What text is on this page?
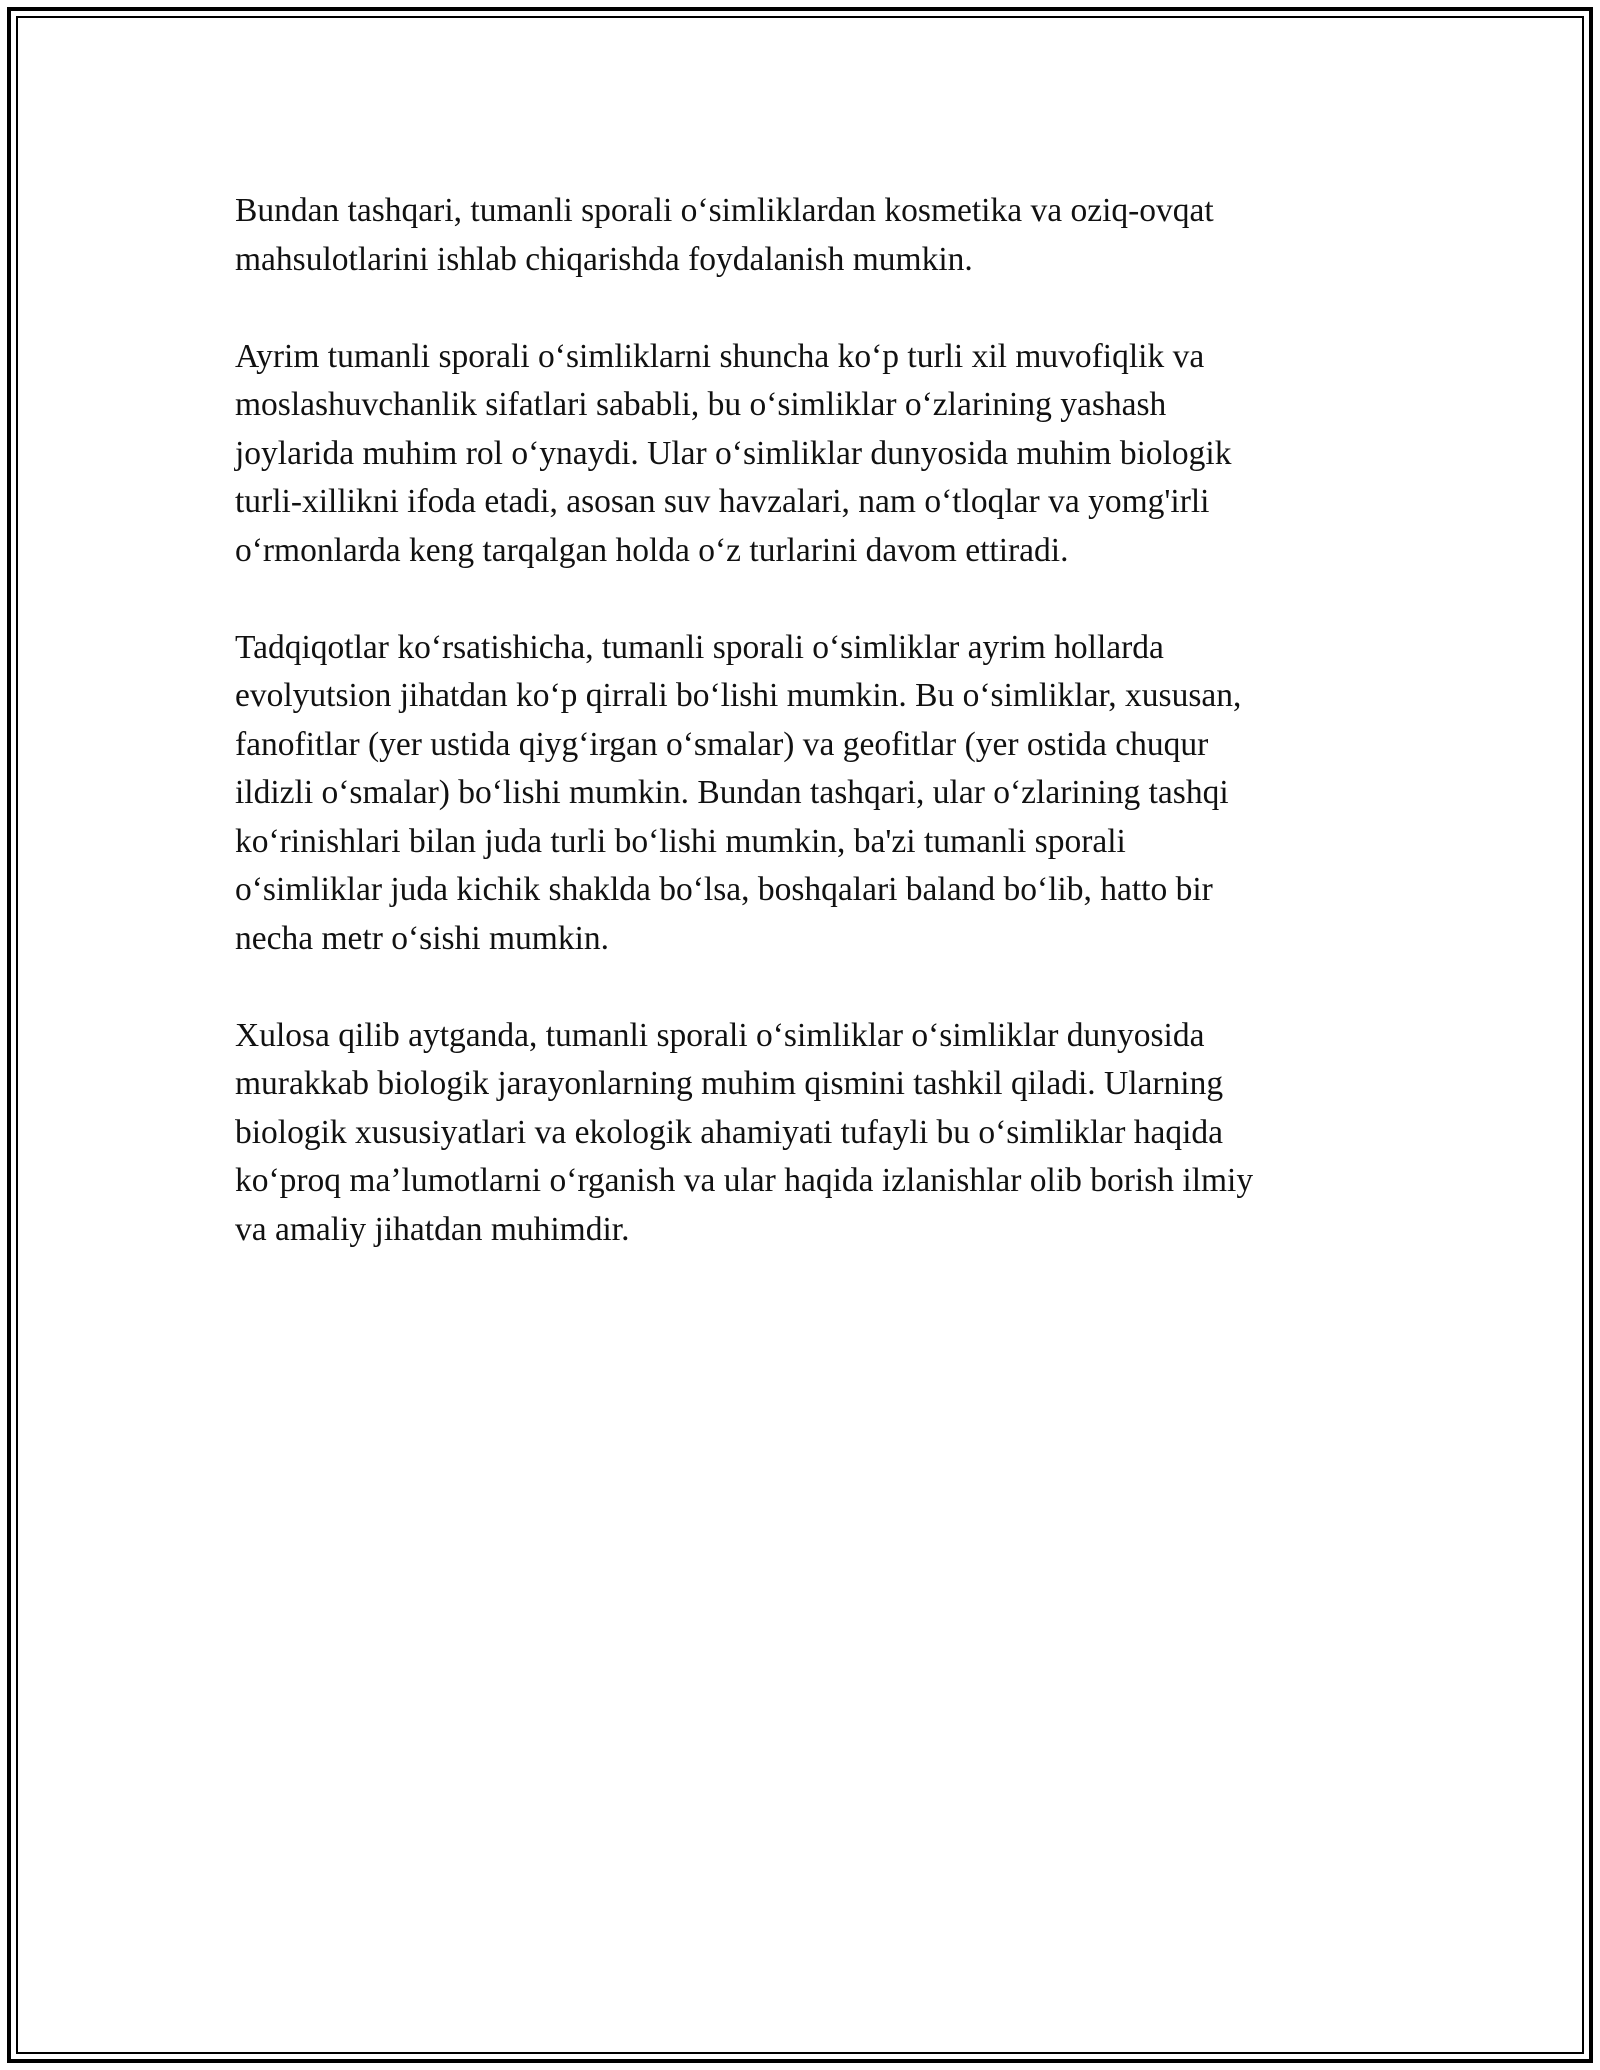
Bundan tashqari, tumanli sporali oʻsimliklardan kosmetika va oziq-ovqat
mahsulotlarini ishlab chiqarishda foydalanish mumkin.

Ayrim tumanli sporali oʻsimliklarni shuncha koʻp turli xil muvofiqlik va
moslashuvchanlik sifatlari sababli, bu oʻsimliklar oʻzlarining yashash
joylarida muhim rol oʻynaydi. Ular oʻsimliklar dunyosida muhim biologik
turli-xillikni ifoda etadi, asosan suv havzalari, nam oʻtloqlar va yomg'irli
oʻrmonlarda keng tarqalgan holda oʻz turlarini davom ettiradi.

Tadqiqotlar koʻrsatishicha, tumanli sporali oʻsimliklar ayrim hollarda
evolyutsion jihatdan koʻp qirrali boʻlishi mumkin. Bu oʻsimliklar, xususan,
fanofitlar (yer ustida qiygʻirgan oʻsmalar) va geofitlar (yer ostida chuqur
ildizli oʻsmalar) boʻlishi mumkin. Bundan tashqari, ular oʻzlarining tashqi
koʻrinishlari bilan juda turli boʻlishi mumkin, ba'zi tumanli sporali
oʻsimliklar juda kichik shaklda boʻlsa, boshqalari baland boʻlib, hatto bir
necha metr oʻsishi mumkin.

Xulosa qilib aytganda, tumanli sporali oʻsimliklar oʻsimliklar dunyosida
murakkab biologik jarayonlarning muhim qismini tashkil qiladi. Ularning
biologik xususiyatlari va ekologik ahamiyati tufayli bu oʻsimliklar haqida
koʻproq maʼlumotlarni oʻrganish va ular haqida izlanishlar olib borish ilmiy
va amaliy jihatdan muhimdir.
